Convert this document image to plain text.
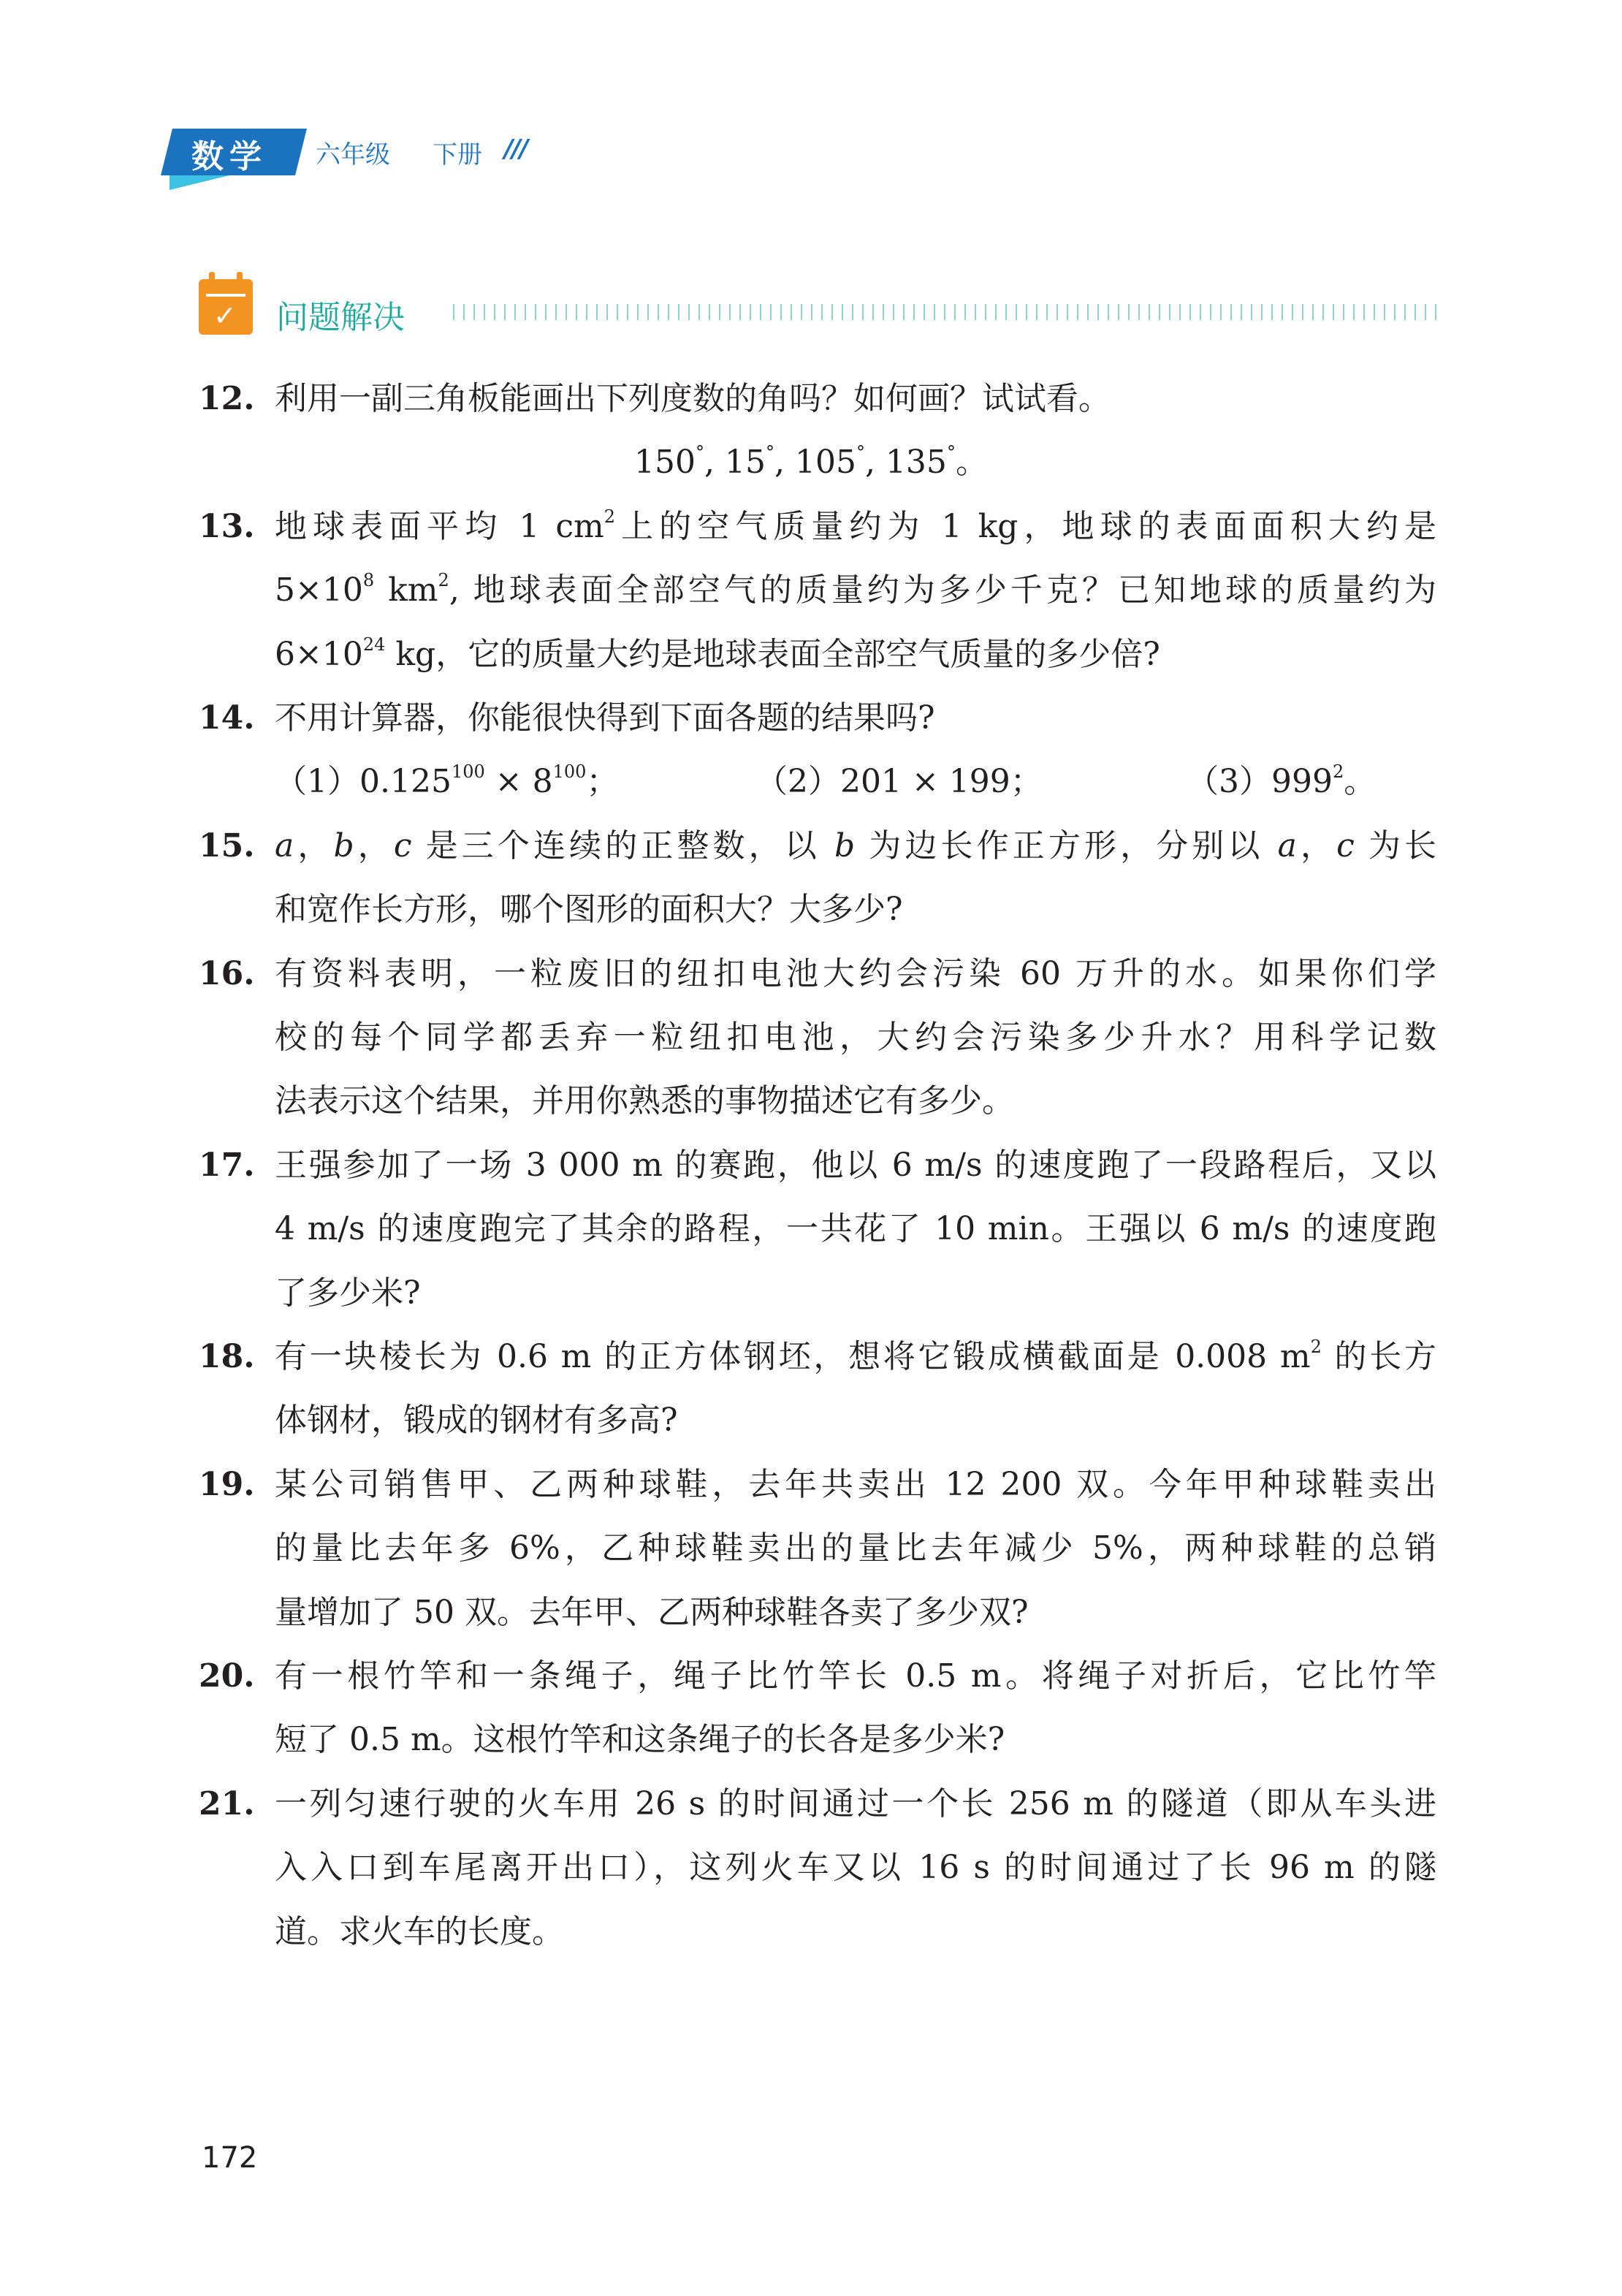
数学 六年级 下册 ///
✓ 问题解决
12. 利用一副三角板能画出下列度数的角吗？如何画？试试看。
150°, 15°, 105°, 135°。
13. 地球表面平均 1 $cm^2$上的空气质量约为 1 kg，地球的表面面积大约是
$5\times 10^8$ $km^2$, 地球表面全部空气的质量约为多少千克？已知地球的质量约为
$6\times 10^{24}$ kg，它的质量大约是地球表面全部空气质量的多少倍?
14. 不用计算器，你能很快得到下面各题的结果吗?
$(1)0.125^{100} \times 8^{100}$；	（2）201 × 199；	$(3)999^2$。
15. a，b，c 是三个连续的正整数，以 b 为边长作正方形，分别以 a，c 为长
和宽作长方形，哪个图形的面积大？大多少?
16. 有资料表明，一粒废旧的纽扣电池大约会污染 60 万升的水。如果你们学
校的每个同学都丢弃一粒纽扣电池，大约会污染多少升水？用科学记数
法表示这个结果，并用你熟悉的事物描述它有多少。
17. 王强参加了一场 3 000 m 的赛跑，他以 6 m/s 的速度跑了一段路程后，又以
4 m/s 的速度跑完了其余的路程，一共花了 10 min。王强以 6 m/s 的速度跑
了多少米?
18. 有一块棱长为 0.6 m 的正方体钢坯，想将它锻成横截面是 0.008 $m^2$ 的长方
体钢材，锻成的钢材有多高?
19. 某公司销售甲、乙两种球鞋，去年共卖出 12 200 双。今年甲种球鞋卖出
的量比去年多 6%，乙种球鞋卖出的量比去年减少 5%，两种球鞋的总销
量增加了 50 双。去年甲、乙两种球鞋各卖了多少双?
20. 有一根竹竿和一条绳子，绳子比竹竿长 0.5 m。将绳子对折后，它比竹竿
短了 0.5 m。这根竹竿和这条绳子的长各是多少米?
21. 一列匀速行驶的火车用 26 s 的时间通过一个长 256 m 的隧道（即从车头进
入入口到车尾离开出口），这列火车又以 16 s 的时间通过了长 96 m 的隧
道。求火车的长度。
172
